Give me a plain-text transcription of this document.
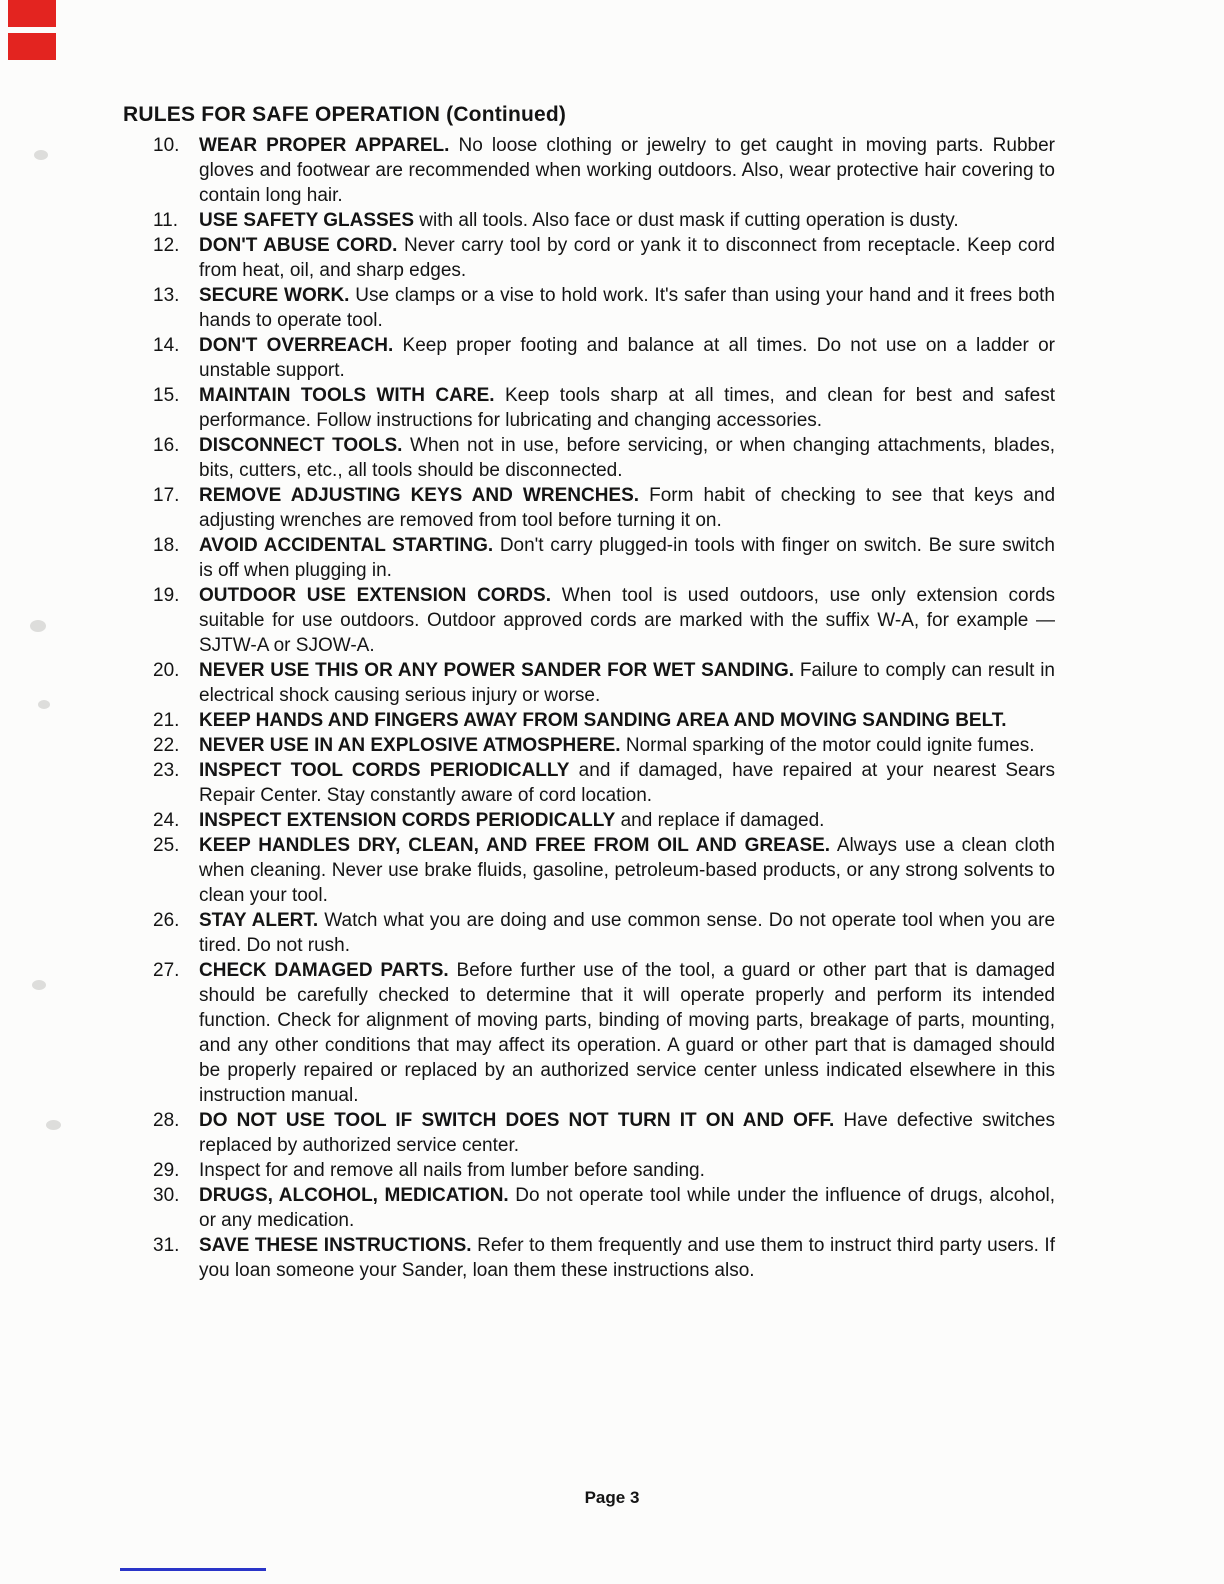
RULES FOR SAFE OPERATION (Continued)
10.	WEAR PROPER APPAREL. No loose clothing or jewelry to get caught in moving parts. Rubber gloves and footwear are recommended when working outdoors. Also, wear protective hair covering to contain long hair.
11.	USE SAFETY GLASSES with all tools. Also face or dust mask if cutting operation is dusty.
12.	DON'T ABUSE CORD. Never carry tool by cord or yank it to disconnect from receptacle. Keep cord from heat, oil, and sharp edges.
13.	SECURE WORK. Use clamps or a vise to hold work. It's safer than using your hand and it frees both hands to operate tool.
14.	DON'T OVERREACH. Keep proper footing and balance at all times. Do not use on a ladder or unstable support.
15.	MAINTAIN TOOLS WITH CARE. Keep tools sharp at all times, and clean for best and safest performance. Follow instructions for lubricating and changing accessories.
16.	DISCONNECT TOOLS. When not in use, before servicing, or when changing attachments, blades, bits, cutters, etc., all tools should be disconnected.
17.	REMOVE ADJUSTING KEYS AND WRENCHES. Form habit of checking to see that keys and adjusting wrenches are removed from tool before turning it on.
18.	AVOID ACCIDENTAL STARTING. Don't carry plugged-in tools with finger on switch. Be sure switch is off when plugging in.
19.	OUTDOOR USE EXTENSION CORDS. When tool is used outdoors, use only extension cords suitable for use outdoors. Outdoor approved cords are marked with the suffix W-A, for example — SJTW-A or SJOW-A.
20.	NEVER USE THIS OR ANY POWER SANDER FOR WET SANDING. Failure to comply can result in electrical shock causing serious injury or worse.
21.	KEEP HANDS AND FINGERS AWAY FROM SANDING AREA AND MOVING SANDING BELT.
22.	NEVER USE IN AN EXPLOSIVE ATMOSPHERE. Normal sparking of the motor could ignite fumes.
23.	INSPECT TOOL CORDS PERIODICALLY and if damaged, have repaired at your nearest Sears Repair Center. Stay constantly aware of cord location.
24.	INSPECT EXTENSION CORDS PERIODICALLY and replace if damaged.
25.	KEEP HANDLES DRY, CLEAN, AND FREE FROM OIL AND GREASE. Always use a clean cloth when cleaning. Never use brake fluids, gasoline, petroleum-based products, or any strong solvents to clean your tool.
26.	STAY ALERT. Watch what you are doing and use common sense. Do not operate tool when you are tired. Do not rush.
27.	CHECK DAMAGED PARTS. Before further use of the tool, a guard or other part that is damaged should be carefully checked to determine that it will operate properly and perform its intended function. Check for alignment of moving parts, binding of moving parts, breakage of parts, mounting, and any other conditions that may affect its operation. A guard or other part that is damaged should be properly repaired or replaced by an authorized service center unless indicated elsewhere in this instruction manual.
28.	DO NOT USE TOOL IF SWITCH DOES NOT TURN IT ON AND OFF. Have defective switches replaced by authorized service center.
29.	Inspect for and remove all nails from lumber before sanding.
30.	DRUGS, ALCOHOL, MEDICATION. Do not operate tool while under the influence of drugs, alcohol, or any medication.
31.	SAVE THESE INSTRUCTIONS. Refer to them frequently and use them to instruct third party users. If you loan someone your Sander, loan them these instructions also.
Page 3
